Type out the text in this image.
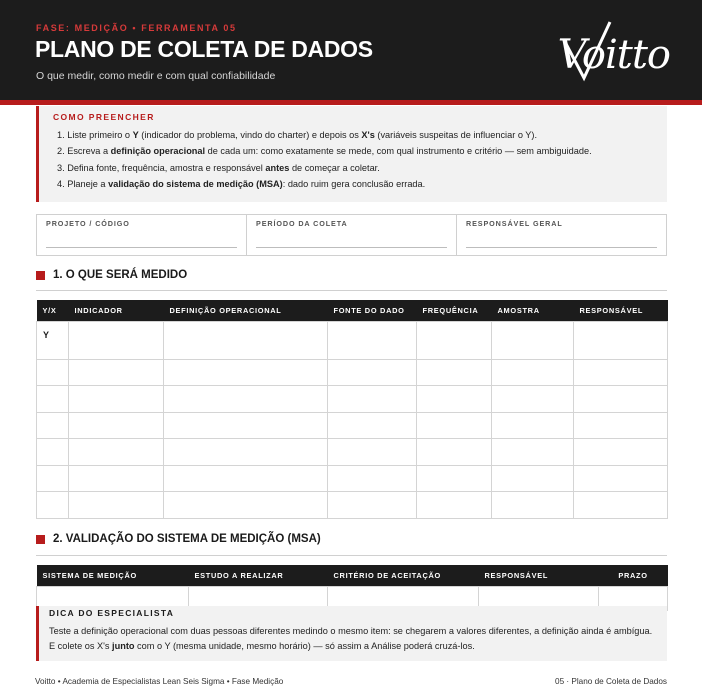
FASE: MEDIÇÃO • FERRAMENTA 05
PLANO DE COLETA DE DADOS
O que medir, como medir e com qual confiabilidade	Voitto
COMO PREENCHER
1. Liste primeiro o Y (indicador do problema, vindo do charter) e depois os X's (variáveis suspeitas de influenciar o Y).
2. Escreva a definição operacional de cada um: como exatamente se mede, com qual instrumento e critério — sem ambiguidade.
3. Defina fonte, frequência, amostra e responsável antes de começar a coletar.
4. Planeje a validação do sistema de medição (MSA): dado ruim gera conclusão errada.
PROJETO / CÓDIGO	PERÍODO DA COLETA	RESPONSÁVEL GERAL
1. O QUE SERÁ MEDIDO
Y/X	INDICADOR	DEFINIÇÃO OPERACIONAL	FONTE DO DADO	FREQUÊNCIA	AMOSTRA	RESPONSÁVEL
Y						

2. VALIDAÇÃO DO SISTEMA DE MEDIÇÃO (MSA)
SISTEMA DE MEDIÇÃO	ESTUDO A REALIZAR	CRITÉRIO DE ACEITAÇÃO	RESPONSÁVEL	PRAZO

DICA DO ESPECIALISTA
Teste a definição operacional com duas pessoas diferentes medindo o mesmo item: se chegarem a valores diferentes, a definição ainda é ambígua.
E colete os X's junto com o Y (mesma unidade, mesmo horário) — só assim a Análise poderá cruzá-los.
Voitto • Academia de Especialistas Lean Seis Sigma • Fase Medição	05 · Plano de Coleta de Dados
